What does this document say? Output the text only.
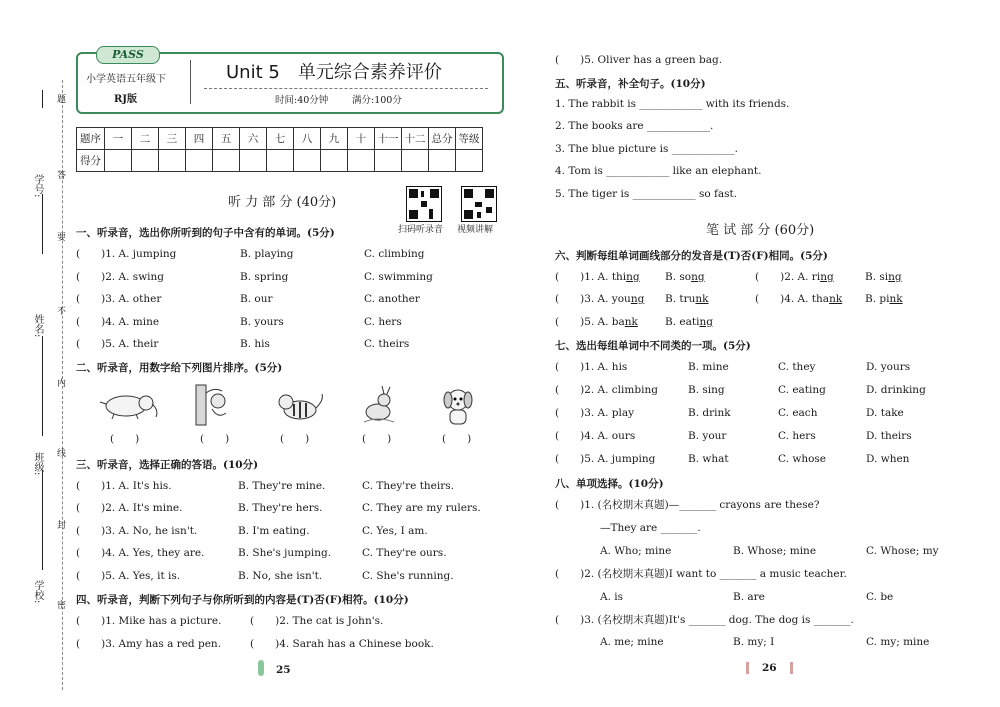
PASS
小学英语五年级下
RJ版
Unit 5　单元综合素养评价
时间:40分钟 满分:100分
学号:
姓名:
班级:
学校:
题
答
要
不
内
线
封
密
题序	一	二	三	四	五	六	七	八	九	十	十一	十二	总分	等级
得分														
听 力 部 分 (40分)
扫码听录音 视频讲解
一、听录音，选出你所听到的句子中含有的单词。(5分)
(　　)1. A. jumping	B. playing	C. climbing
(　　)2. A. swing	B. spring	C. swimming
(　　)3. A. other	B. our	C. another
(　　)4. A. mine	B. yours	C. hers
(　　)5. A. their	B. his	C. theirs
二、听录音，用数字给下列图片排序。(5分)
(　　)	(　　)	(　　)	(　　)	(　　)
三、听录音，选择正确的答语。(10分)
(　　)1. A. It's his.	B. They're mine.	C. They're theirs.
(　　)2. A. It's mine.	B. They're hers.	C. They are my rulers.
(　　)3. A. No, he isn't.	B. I'm eating.	C. Yes, I am.
(　　)4. A. Yes, they are.	B. She's jumping.	C. They're ours.
(　　)5. A. Yes, it is.	B. No, she isn't.	C. She's running.
四、听录音，判断下列句子与你所听到的内容是(T)否(F)相符。(10分)
(　　)1. Mike has a picture.	(　　)2. The cat is John's.
(　　)3. Amy has a red pen.	(　　)4. Sarah has a Chinese book.
25
(　　)5. Oliver has a green bag.
五、听录音，补全句子。(10分)
1. The rabbit is ____________ with its friends.
2. The books are ____________.
3. The blue picture is ____________.
4. Tom is ____________ like an elephant.
5. The tiger is ____________ so fast.
笔 试 部 分 (60分)
六、判断每组单词画线部分的发音是(T)否(F)相同。(5分)
(　　)1. A. thing B. song	(　　)2. A. ring	B. sing
(　　)3. A. young B. trunk	(　　)4. A. thank B. pink
(　　)5. A. bank	B. eating
七、选出每组单词中不同类的一项。(5分)
(　　)1. A. his	B. mine	C. they	D. yours
(　　)2. A. climbing	B. sing	C. eating	D. drinking
(　　)3. A. play	B. drink	C. each	D. take
(　　)4. A. ours	B. your	C. hers	D. theirs
(　　)5. A. jumping	B. what	C. whose	D. when
八、单项选择。(10分)
(　　)1. (名校期末真题)—_______ crayons are these?
—They are _______.
A. Who; mine	B. Whose; mine	C. Whose; my
(　　)2. (名校期末真题)I want to _______ a music teacher.
A. is	B. are	C. be
(　　)3. (名校期末真题)It's _______ dog. The dog is _______.
A. me; mine	B. my; I	C. my; mine
26
